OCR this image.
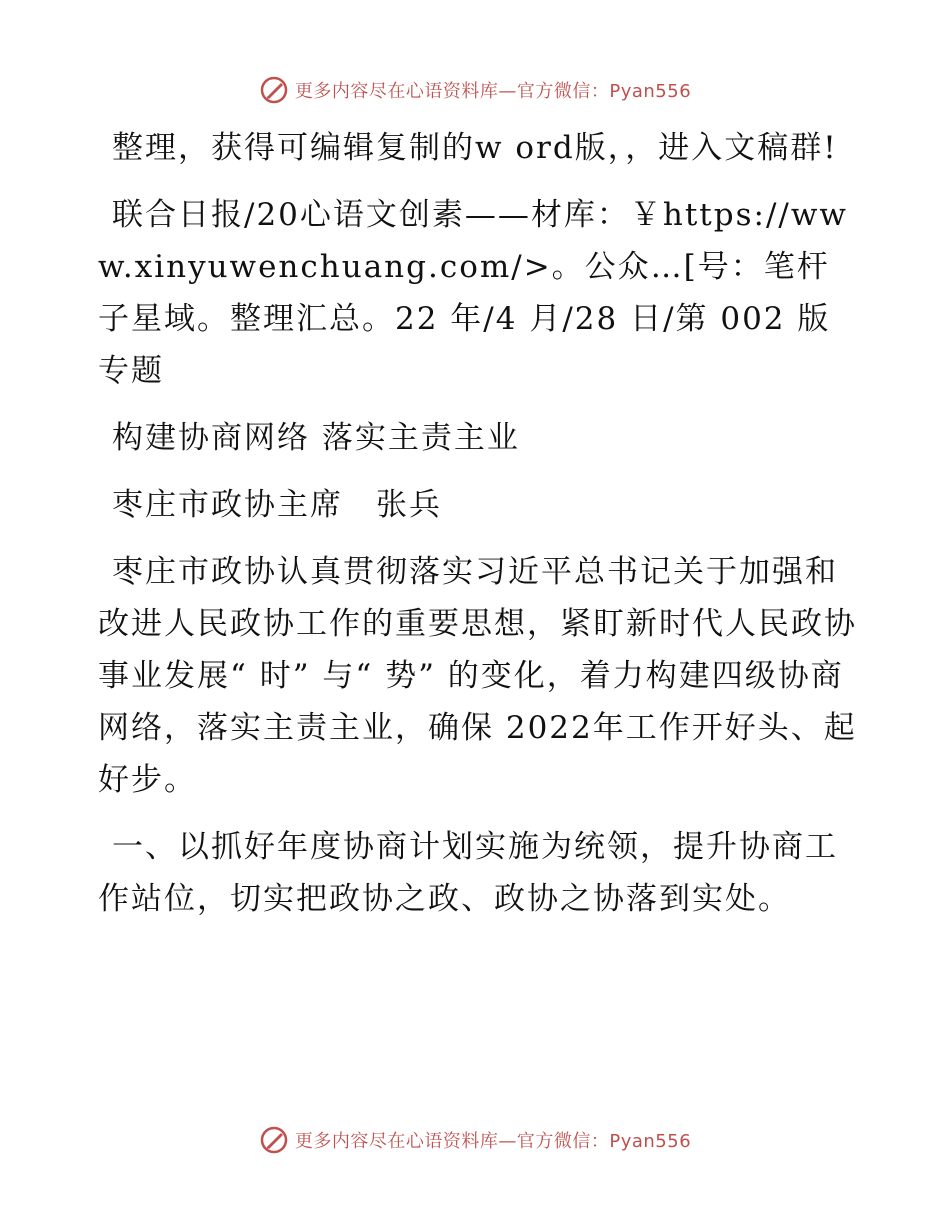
更多内容尽在心语资料库—官方微信：Pyan556

整理，获得可编辑复制的w ord版，，进入文稿群!

联合日报/20心语文创素——材库：￥https://www.xinyuwenchuang.com/>。公众…[号：笔杆子星域。整理汇总。22 年/4 月/28 日/第 002 版专题

构建协商网络 落实主责主业

枣庄市政协主席　张兵

枣庄市政协认真贯彻落实习近平总书记关于加强和改进人民政协工作的重要思想，紧盯新时代人民政协事业发展“ 时” 与“ 势” 的变化，着力构建四级协商网络，落实主责主业，确保 2022年工作开好头、起好步。

一、以抓好年度协商计划实施为统领，提升协商工作站位，切实把政协之政、政协之协落到实处。

更多内容尽在心语资料库—官方微信：Pyan556
